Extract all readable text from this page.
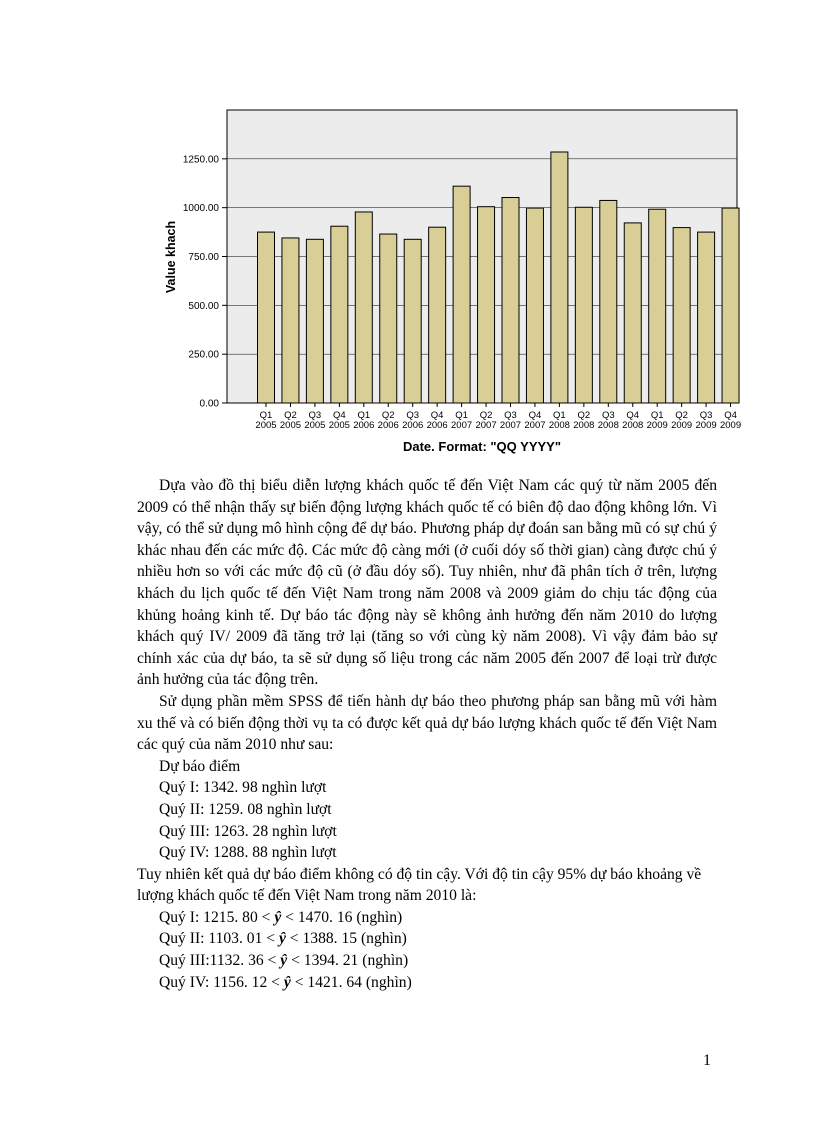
0.00
250.00
500.00
750.00
1000.00
1250.00
Q1
2005
Q2
2005
Q3
2005
Q4
2005
Q1
2006
Q2
2006
Q3
2006
Q4
2006
Q1
2007
Q2
2007
Q3
2007
Q4
2007
Q1
2008
Q2
2008
Q3
2008
Q4
2008
Q1
2009
Q2
2009
Q3
2009
Q4
2009
Value khach
Date. Format: "QQ YYYY"

Dựa vào đồ thị biểu diễn lượng khách quốc tế đến Việt Nam các quý từ năm 2005 đến 2009 có thể nhận thấy sự biến động lượng khách quốc tế có biên độ dao động không lớn. Vì vậy, có thể sử dụng mô hình cộng để dự báo. Phương pháp dự đoán san bằng mũ có sự chú ý khác nhau đến các mức độ. Các mức độ càng mới (ở cuối dóy số thời gian) càng được chú ý nhiều hơn so với các mức độ cũ (ở đầu dóy số). Tuy nhiên, như đã phân tích ở trên, lượng khách du lịch quốc tế đến Việt Nam trong năm 2008 và 2009 giảm do chịu tác động của khủng hoảng kinh tế. Dự báo tác động này sẽ không ảnh hưởng đến năm 2010 do lượng khách quý IV/ 2009 đã tăng trở lại (tăng so với cùng kỳ năm 2008). Vì vậy đảm bảo sự chính xác của dự báo, ta sẽ sử dụng số liệu trong các năm 2005 đến 2007 để loại trừ được ảnh hưởng của tác động trên.

Sử dụng phần mềm SPSS để tiến hành dự báo theo phương pháp san bằng mũ với hàm xu thế và có biến động thời vụ ta có được kết quả dự báo lượng khách quốc tế đến Việt Nam các quý của năm 2010 như sau:

Dự báo điểm

Quý I: 1342. 98 nghìn lượt

Quý II: 1259. 08 nghìn lượt

Quý III: 1263. 28 nghìn lượt

Quý IV: 1288. 88 nghìn lượt

Tuy nhiên kết quả dự báo điểm không có độ tin cậy. Với độ tin cậy 95% dự báo khoảng về lượng khách quốc tế đến Việt Nam trong năm 2010 là:

Quý I: 1215. 80 < ŷ < 1470. 16 (nghìn)

Quý II: 1103. 01 < ŷ < 1388. 15 (nghìn)

Quý III:1132. 36 < ŷ < 1394. 21 (nghìn)

Quý IV: 1156. 12 < ŷ < 1421. 64 (nghìn)

1
